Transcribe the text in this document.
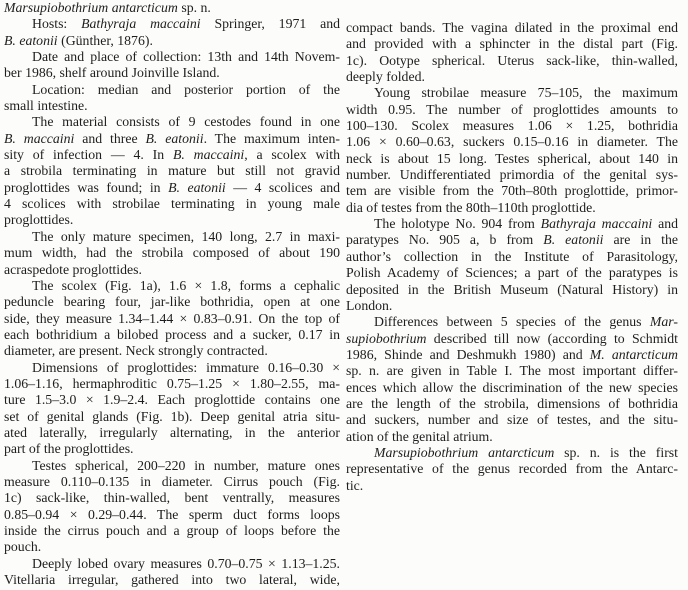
Marsupiobothrium antarcticum sp. n.
Hosts: Bathyraja maccaini Springer, 1971 and
B. eatonii (Günther, 1876).
Date and place of collection: 13th and 14th Novem-
ber 1986, shelf around Joinville Island.
Location: median and posterior portion of the
small intestine.
The material consists of 9 cestodes found in one
B. maccaini and three B. eatonii. The maximum inten-
sity of infection — 4. In B. maccaini, a scolex with
a strobila terminating in mature but still not gravid
proglottides was found; in B. eatonii — 4 scolices and
4 scolices with strobilae terminating in young male
proglottides.
The only mature specimen, 140 long, 2.7 in maxi-
mum width, had the strobila composed of about 190
acraspedote proglottides.
The scolex (Fig. 1a), 1.6 × 1.8, forms a cephalic
peduncle bearing four, jar-like bothridia, open at one
side, they measure 1.34–1.44 × 0.83–0.91. On the top of
each bothridium a bilobed process and a sucker, 0.17 in
diameter, are present. Neck strongly contracted.
Dimensions of proglottides: immature 0.16–0.30 ×
1.06–1.16, hermaphroditic 0.75–1.25 × 1.80–2.55, ma-
ture 1.5–3.0 × 1.9–2.4. Each proglottide contains one
set of genital glands (Fig. 1b). Deep genital atria situ-
ated laterally, irregularly alternating, in the anterior
part of the proglottides.
Testes spherical, 200–220 in number, mature ones
measure 0.110–0.135 in diameter. Cirrus pouch (Fig.
1c) sack-like, thin-walled, bent ventrally, measures
0.85–0.94 × 0.29–0.44. The sperm duct forms loops
inside the cirrus pouch and a group of loops before the
pouch.
Deeply lobed ovary measures 0.70–0.75 × 1.13–1.25.
Vitellaria irregular, gathered into two lateral, wide,
compact bands. The vagina dilated in the proximal end
and provided with a sphincter in the distal part (Fig.
1c). Ootype spherical. Uterus sack-like, thin-walled,
deeply folded.
Young strobilae measure 75–105, the maximum
width 0.95. The number of proglottides amounts to
100–130. Scolex measures 1.06 × 1.25, bothridia
1.06 × 0.60–0.63, suckers 0.15–0.16 in diameter. The
neck is about 15 long. Testes spherical, about 140 in
number. Undifferentiated primordia of the genital sys-
tem are visible from the 70th–80th proglottide, primor-
dia of testes from the 80th–110th proglottide.
The holotype No. 904 from Bathyraja maccaini and
paratypes No. 905 a, b from B. eatonii are in the
author’s collection in the Institute of Parasitology,
Polish Academy of Sciences; a part of the paratypes is
deposited in the British Museum (Natural History) in
London.
Differences between 5 species of the genus Mar-
supiobothrium described till now (according to Schmidt
1986, Shinde and Deshmukh 1980) and M. antarcticum
sp. n. are given in Table I. The most important differ-
ences which allow the discrimination of the new species
are the length of the strobila, dimensions of bothridia
and suckers, number and size of testes, and the situ-
ation of the genital atrium.
Marsupiobothrium antarcticum sp. n. is the first
representative of the genus recorded from the Antarc-
tic.
